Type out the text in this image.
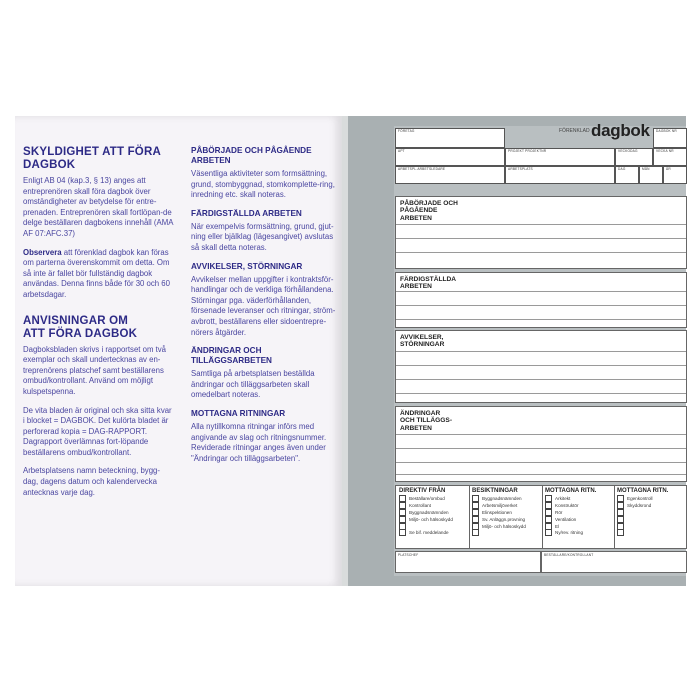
SKYLDIGHET ATT FÖRA DAGBOK
Enligt AB 04 (kap.3, § 13) anges att entreprenören skall föra dagbok över omständigheter av betydelse för entre-prenaden. Entreprenören skall fortlöpan-de delge beställaren dagbokens innehåll (AMA AF 07:AFC.37)
Observera att förenklad dagbok kan föras om parterna överenskommit om detta. Om så inte är fallet bör fullständig dagbok användas. Denna finns både för 30 och 60 arbetsdagar.
ANVISNINGAR OM ATT FÖRA DAGBOK
Dagboksbladen skrivs i rapportset om två exemplar och skall undertecknas av en-treprenörens platschef samt beställarens ombud/kontrollant. Använd om möjligt kulspetspenna.
De vita bladen är original och ska sitta kvar i blocket = DAGBOK. Det kulörta bladet är perforerad kopia = DAG-RAPPORT. Dagrapport överlämnas fort-löpande beställarens ombud/kontrollant.
Arbetsplatsens namn beteckning, bygg-dag, dagens datum och kalendervecka antecknas varje dag.
PÅBÖRJADE OCH PÅGÅENDE ARBETEN
Väsentliga aktiviteter som formsättning, grund, stombyggnad, stomkomplette-ring, inredning etc. skall noteras.
FÄRDIGSTÄLLDA ARBETEN
När exempelvis formsättning, grund, gjut-ning eller bjälklag (lägesangivet) avslutas så skall detta noteras.
AVVIKELSER, STÖRNINGAR
Avvikelser mellan uppgifter i kontraktsför-handlingar och de verkliga förhållandena. Störningar pga. väderförhållanden, försenade leveranser och ritningar, ström-avbrott, beställarens eller sidoentrepre-nörers åtgärder.
ÄNDRINGAR OCH TILLÄGGSARBETEN
Samtliga på arbetsplatsen beställda ändringar och tilläggsarbeten skall omedelbart noteras.
MOTTAGNA RITNINGAR
Alla nytillkomna ritningar införs med angivande av slag och ritningsnummer. Reviderade ritningar anges även under "Ändringar och tilläggsarbeten".
FÖRETAG	FÖRENKLAD dagbok DAGBOK NR
APT	PROJEKT PROJEKTNR	VECKODAG	VECKA NR
ARBETSPL.ARBETSLEDARE	ARBETSPLATS	DAG	MÅN	ÅR
PÅBÖRJADE OCH
PÅGÅENDE
ARBETEN
FÄRDIGSTÄLLDA
ARBETEN
AVVIKELSER,
STÖRNINGAR
ÄNDRINGAR
OCH TILLÄGGS-
ARBETEN
DIREKTIV FRÅN
Beställare/ombud
Kontrollant
Byggnadsnämnden
Miljö- och hälsoskydd
Se bif. meddelande
BESIKTNINGAR
Byggnadsnämnden
Arbetsmiljöverket
Elinspektionen
Sv. Anläggn.provning
Miljö- och hälsoskydd
MOTTAGNA RITN.
Arkitekt
Konstruktör
Rör
Ventilation
El
Ny/rev. ritning
MOTTAGNA RITN.
Egenkontroll
Skyddsrond
PLATSCHEF	BESTÄLLARE/KONTROLLANT
